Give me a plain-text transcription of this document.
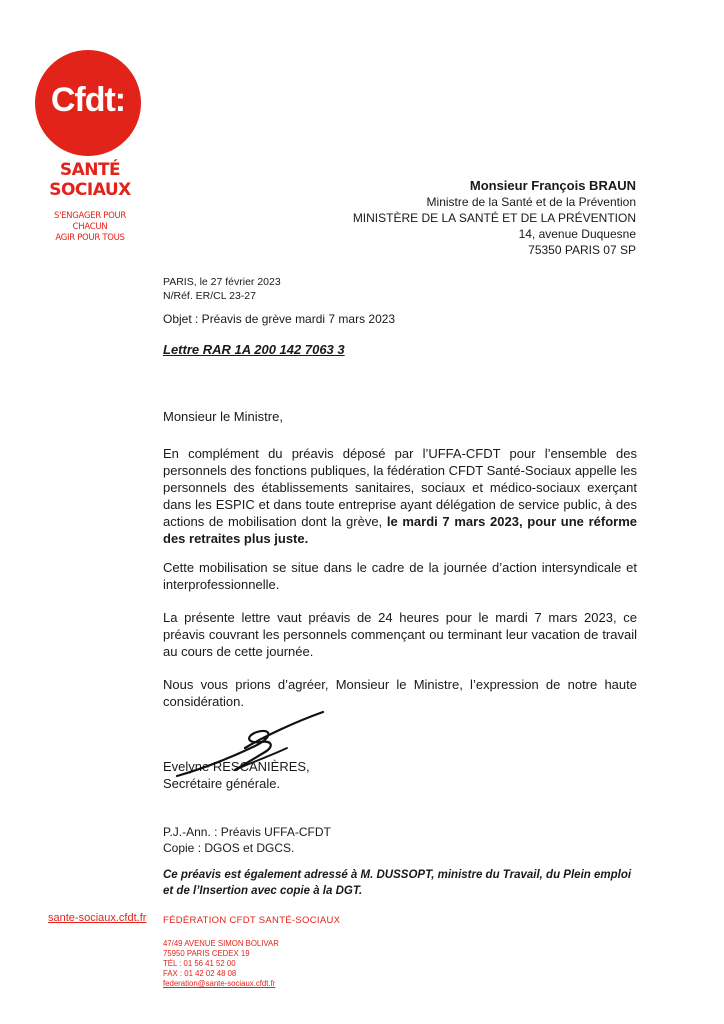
Cfdt:
SANTÉ
SOCIAUX
S'ENGAGER POUR CHACUN
AGIR POUR TOUS
Monsieur François BRAUN
Ministre de la Santé et de la Prévention
MINISTÈRE DE LA SANTÉ ET DE LA PRÉVENTION
14, avenue Duquesne
75350 PARIS 07 SP
PARIS, le 27 février 2023
N/Réf. ER/CL 23-27
Objet : Préavis de grève mardi 7 mars 2023
Lettre RAR 1A 200 142 7063 3
Monsieur le Ministre,
En complément du préavis déposé par l’UFFA-CFDT pour l’ensemble des personnels des fonctions publiques, la fédération CFDT Santé-Sociaux appelle les personnels des établissements sanitaires, sociaux et médico-sociaux exerçant dans les ESPIC et dans toute entreprise ayant délégation de service public, à des actions de mobilisation dont la grève, le mardi 7 mars 2023, pour une réforme des retraites plus juste.
Cette mobilisation se situe dans le cadre de la journée d’action intersyndicale et interprofessionnelle.
La présente lettre vaut préavis de 24 heures pour le mardi 7 mars 2023, ce préavis couvrant les personnels commençant ou terminant leur vacation de travail au cours de cette journée.
Nous vous prions d’agréer, Monsieur le Ministre, l’expression de notre haute considération.
Evelyne RESCANIÈRES,
Secrétaire générale.
P.J.-Ann. : Préavis UFFA-CFDT
Copie : DGOS et DGCS.
Ce préavis est également adressé à M. DUSSOPT, ministre du Travail, du Plein emploi et de l’Insertion avec copie à la DGT.
sante-sociaux.cfdt.fr FÉDÉRATION CFDT SANTÉ-SOCIAUX
47/49 AVENUE SIMON BOLIVAR
75950 PARIS CEDEX 19
TÉL : 01 56 41 52 00
FAX : 01 42 02 48 08
federation@sante-sociaux.cfdt.fr
